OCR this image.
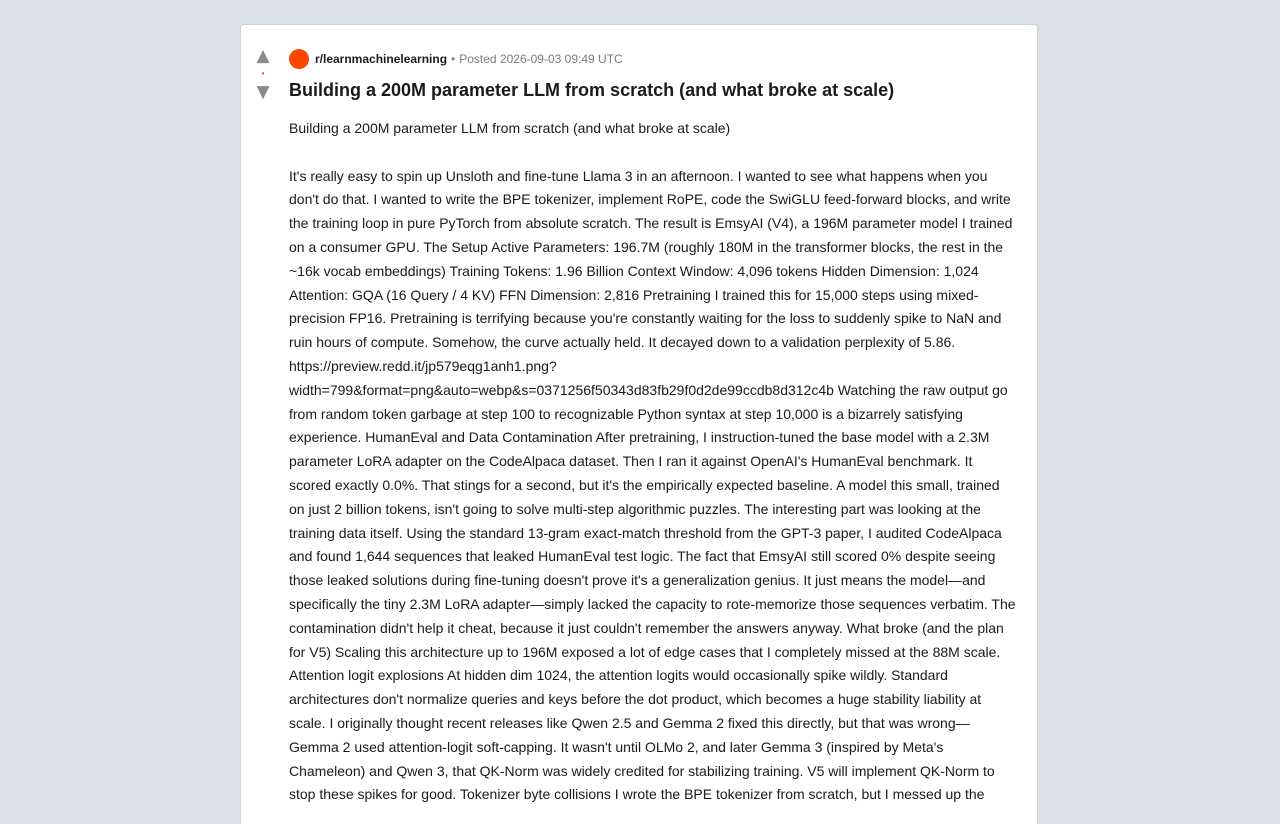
▲
•
▼
r/learnmachinelearning • Posted 2026-09-03 09:49 UTC
Building a 200M parameter LLM from scratch (and what broke at scale)

Building a 200M parameter LLM from scratch (and what broke at scale)

It's really easy to spin up Unsloth and fine-tune Llama 3 in an afternoon. I wanted to see what happens when you don't do that. I wanted to write the BPE tokenizer, implement RoPE, code the SwiGLU feed-forward blocks, and write the training loop in pure PyTorch from absolute scratch. The result is EmsyAI (V4), a 196M parameter model I trained on a consumer GPU. The Setup Active Parameters: 196.7M (roughly 180M in the transformer blocks, the rest in the ~16k vocab embeddings) Training Tokens: 1.96 Billion Context Window: 4,096 tokens Hidden Dimension: 1,024 Attention: GQA (16 Query / 4 KV) FFN Dimension: 2,816 Pretraining I trained this for 15,000 steps using mixed-precision FP16. Pretraining is terrifying because you're constantly waiting for the loss to suddenly spike to NaN and ruin hours of compute. Somehow, the curve actually held. It decayed down to a validation perplexity of 5.86. https://preview.redd.it/jp579eqg1anh1.png?width=799&format=png&auto=webp&s=0371256f50343d83fb29f0d2de99ccdb8d312c4b Watching the raw output go from random token garbage at step 100 to recognizable Python syntax at step 10,000 is a bizarrely satisfying experience. HumanEval and Data Contamination After pretraining, I instruction-tuned the base model with a 2.3M parameter LoRA adapter on the CodeAlpaca dataset. Then I ran it against OpenAI's HumanEval benchmark. It scored exactly 0.0%. That stings for a second, but it's the empirically expected baseline. A model this small, trained on just 2 billion tokens, isn't going to solve multi-step algorithmic puzzles. The interesting part was looking at the training data itself. Using the standard 13-gram exact-match threshold from the GPT-3 paper, I audited CodeAlpaca and found 1,644 sequences that leaked HumanEval test logic. The fact that EmsyAI still scored 0% despite seeing those leaked solutions during fine-tuning doesn't prove it's a generalization genius. It just means the model—and specifically the tiny 2.3M LoRA adapter—simply lacked the capacity to rote-memorize those sequences verbatim. The contamination didn't help it cheat, because it just couldn't remember the answers anyway. What broke (and the plan for V5) Scaling this architecture up to 196M exposed a lot of edge cases that I completely missed at the 88M scale. Attention logit explosions At hidden dim 1024, the attention logits would occasionally spike wildly. Standard architectures don't normalize queries and keys before the dot product, which becomes a huge stability liability at scale. I originally thought recent releases like Qwen 2.5 and Gemma 2 fixed this directly, but that was wrong—Gemma 2 used attention-logit soft-capping. It wasn't until OLMo 2, and later Gemma 3 (inspired by Meta's Chameleon) and Qwen 3, that QK-Norm was widely credited for stabilizing training. V5 will implement QK-Norm to stop these spikes for good. Tokenizer byte collisions I wrote the BPE tokenizer from scratch, but I messed up the
